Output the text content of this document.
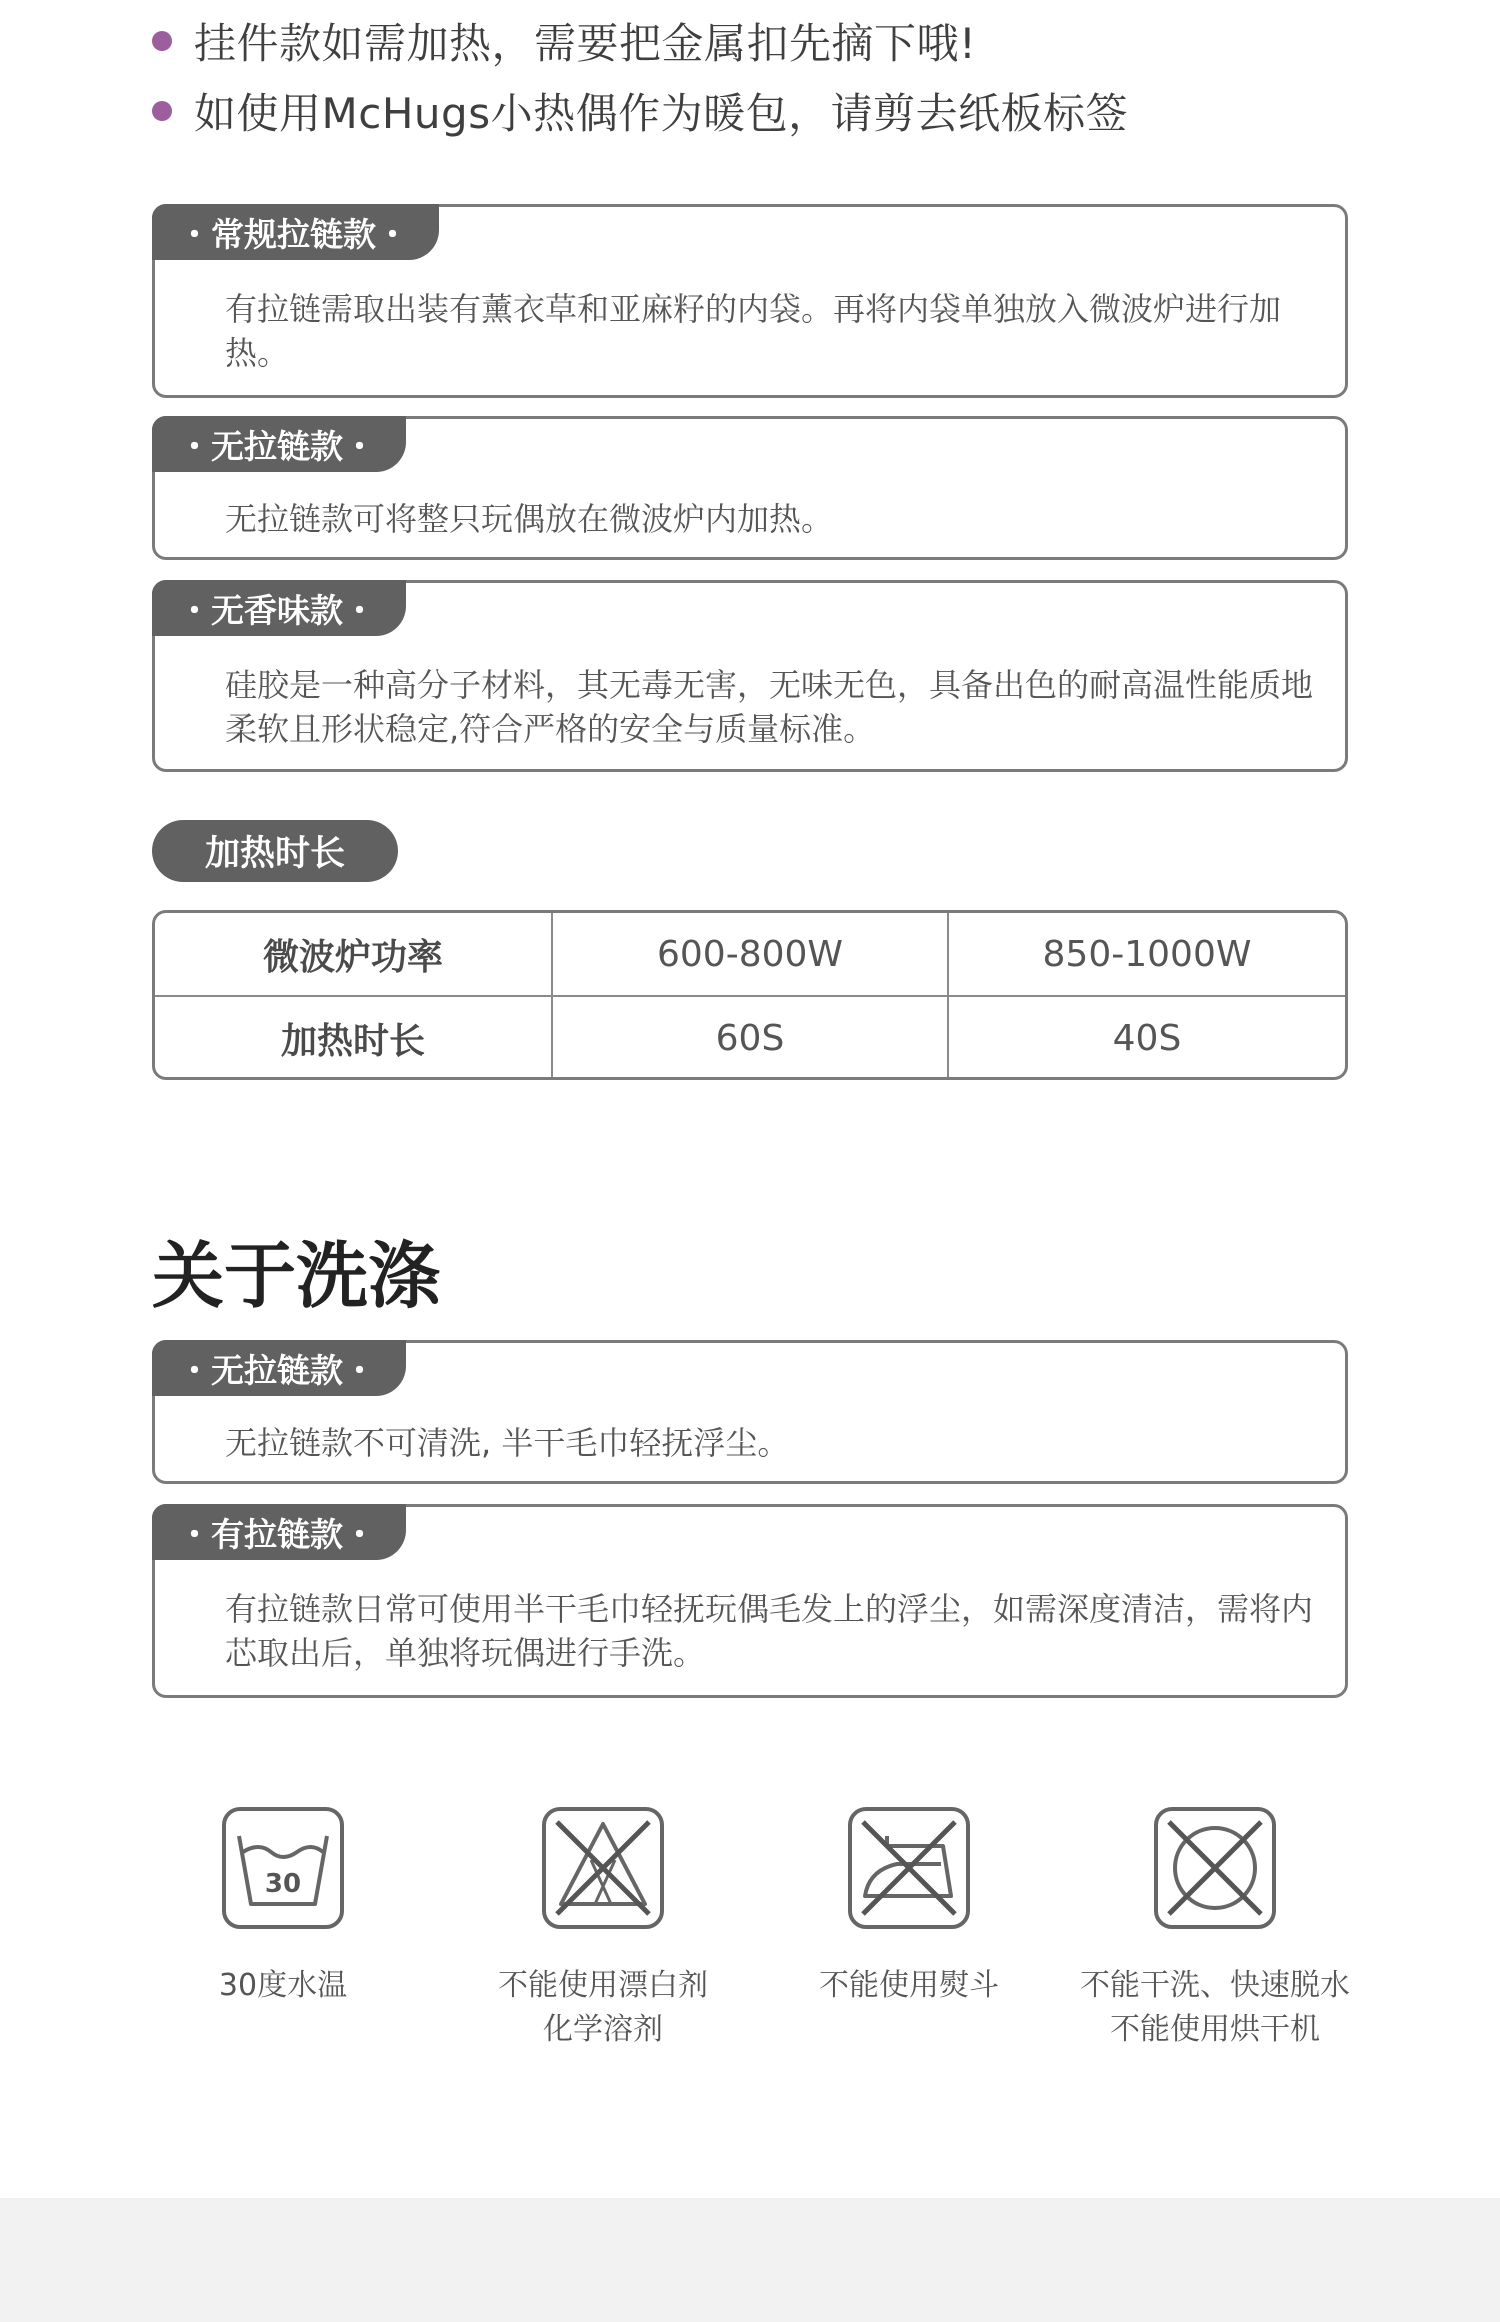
挂件款如需加热，需要把金属扣先摘下哦!
如使用McHugs小热偶作为暖包，请剪去纸板标签
・常规拉链款・
有拉链需取出装有薰衣草和亚麻籽的内袋。再将内袋单独放入微波炉进行加热。
・无拉链款・
无拉链款可将整只玩偶放在微波炉内加热。
・无香味款・
硅胶是一种高分子材料，其无毒无害，无味无色，具备出色的耐高温性能质地柔软且形状稳定,符合严格的安全与质量标准。
加热时长
微波炉功率	600-800W	850-1000W
加热时长	60S	40S
关于洗涤
・无拉链款・
无拉链款不可清洗, 半干毛巾轻抚浮尘。
・有拉链款・
有拉链款日常可使用半干毛巾轻抚玩偶毛发上的浮尘，如需深度清洁，需将内芯取出后，单独将玩偶进行手洗。
30
30度水温	不能使用漂白剂
化学溶剂
不能使用熨斗	不能干洗、快速脱水
不能使用烘干机
